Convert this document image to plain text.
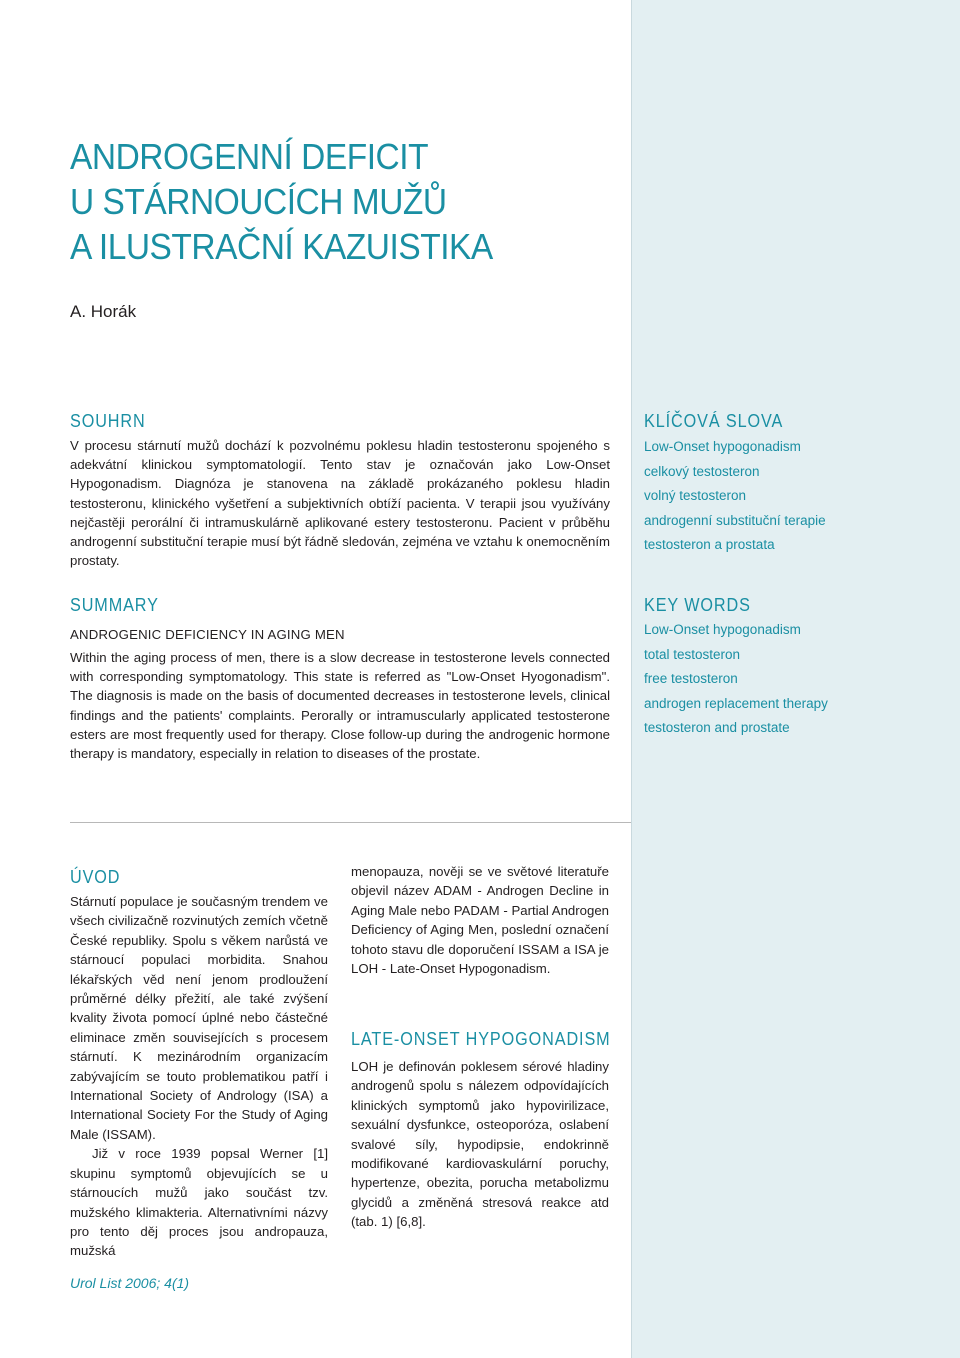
ANDROGENNÍ DEFICIT
U STÁRNOUCÍCH MUŽŮ
A ILUSTRAČNÍ KAZUISTIKA

A. Horák

SOUHRN

V procesu stárnutí mužů dochází k pozvolnému poklesu hladin testosteronu spojeného s adekvátní klinickou symptomatologií. Tento stav je označován jako Low-Onset Hypogonadism. Diagnóza je stanovena na základě prokázaného poklesu hladin testosteronu, klinického vyšetření a subjektivních obtíží pacienta. V terapii jsou využívány nejčastěji perorální či intramuskulárně aplikované estery testosteronu. Pacient v průběhu androgenní substituční terapie musí být řádně sledován, zejména ve vztahu k onemocněním prostaty.

SUMMARY

ANDROGENIC DEFICIENCY IN AGING MEN

Within the aging process of men, there is a slow decrease in testosterone levels connected with corresponding symptomatology. This state is referred as "Low-Onset Hyogonadism". The diagnosis is made on the basis of documented decreases in testosterone levels, clinical findings and the patients' complaints. Perorally or intramuscularly applicated testosterone esters are most frequently used for therapy. Close follow-up during the androgenic hormone therapy is mandatory, especially in relation to diseases of the prostate.

KLÍČOVÁ SLOVA
Low-Onset hypogonadism
celkový testosteron
volný testosteron
androgenní substituční terapie
testosteron a prostata
KEY WORDS
Low-Onset hypogonadism
total testosteron
free testosteron
androgen replacement therapy
testosteron and prostate
ÚVOD

Stárnutí populace je současným trendem ve všech civilizačně rozvinutých zemích včetně České republiky. Spolu s věkem narůstá ve stárnoucí populaci morbidita. Snahou lékařských věd není jenom prodloužení průměrné délky přežití, ale také zvýšení kvality života pomocí úplné nebo částečné eliminace změn souvisejících s procesem stárnutí. K mezinárodním organizacím zabývajícím se touto problematikou patří i International Society of Andrology (ISA) a International Society For the Study of Aging Male (ISSAM).

Již v roce 1939 popsal Werner [1] skupinu symptomů objevujících se u stárnoucích mužů jako součást tzv. mužského klimakteria. Alternativními názvy pro tento děj proces jsou andropauza, mužská

menopauza, nověji se ve světové literatuře objevil název ADAM - Androgen Decline in Aging Male nebo PADAM - Partial Androgen Deficiency of Aging Men, poslední označení tohoto stavu dle doporučení ISSAM a ISA je LOH - Late-Onset Hypogonadism.

LATE-ONSET HYPOGONADISM

LOH je definován poklesem sérové hladiny androgenů spolu s nálezem odpovídajících klinických symptomů jako hypovirilizace, sexuální dysfunkce, osteoporóza, oslabení svalové síly, hypodipsie, endokrinně modifikované kardiovaskulární poruchy, hypertenze, obezita, porucha metabolizmu glycidů a změněná stresová reakce atd (tab. 1) [6,8].

Urol List 2006; 4(1)
